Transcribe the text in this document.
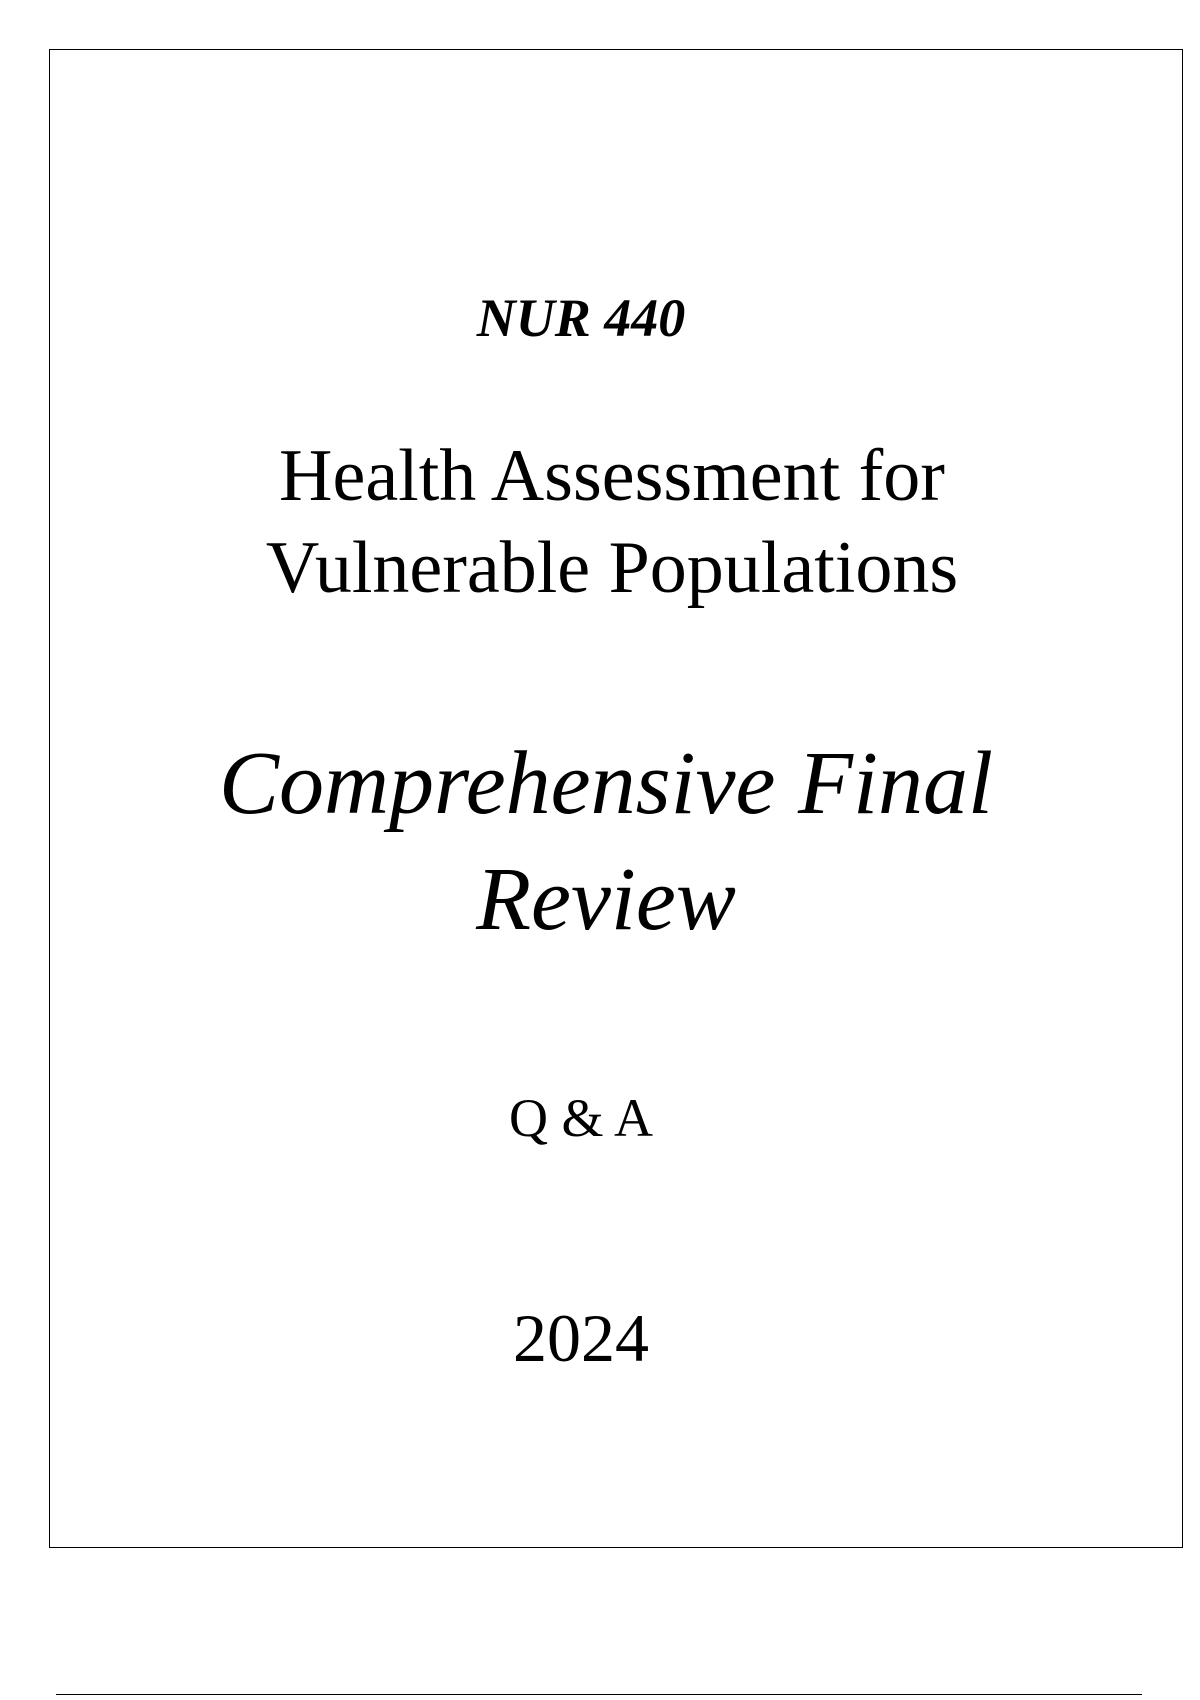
NUR 440

Health Assessment for
Vulnerable Populations
Comprehensive Final
Review

Q & A

2024
